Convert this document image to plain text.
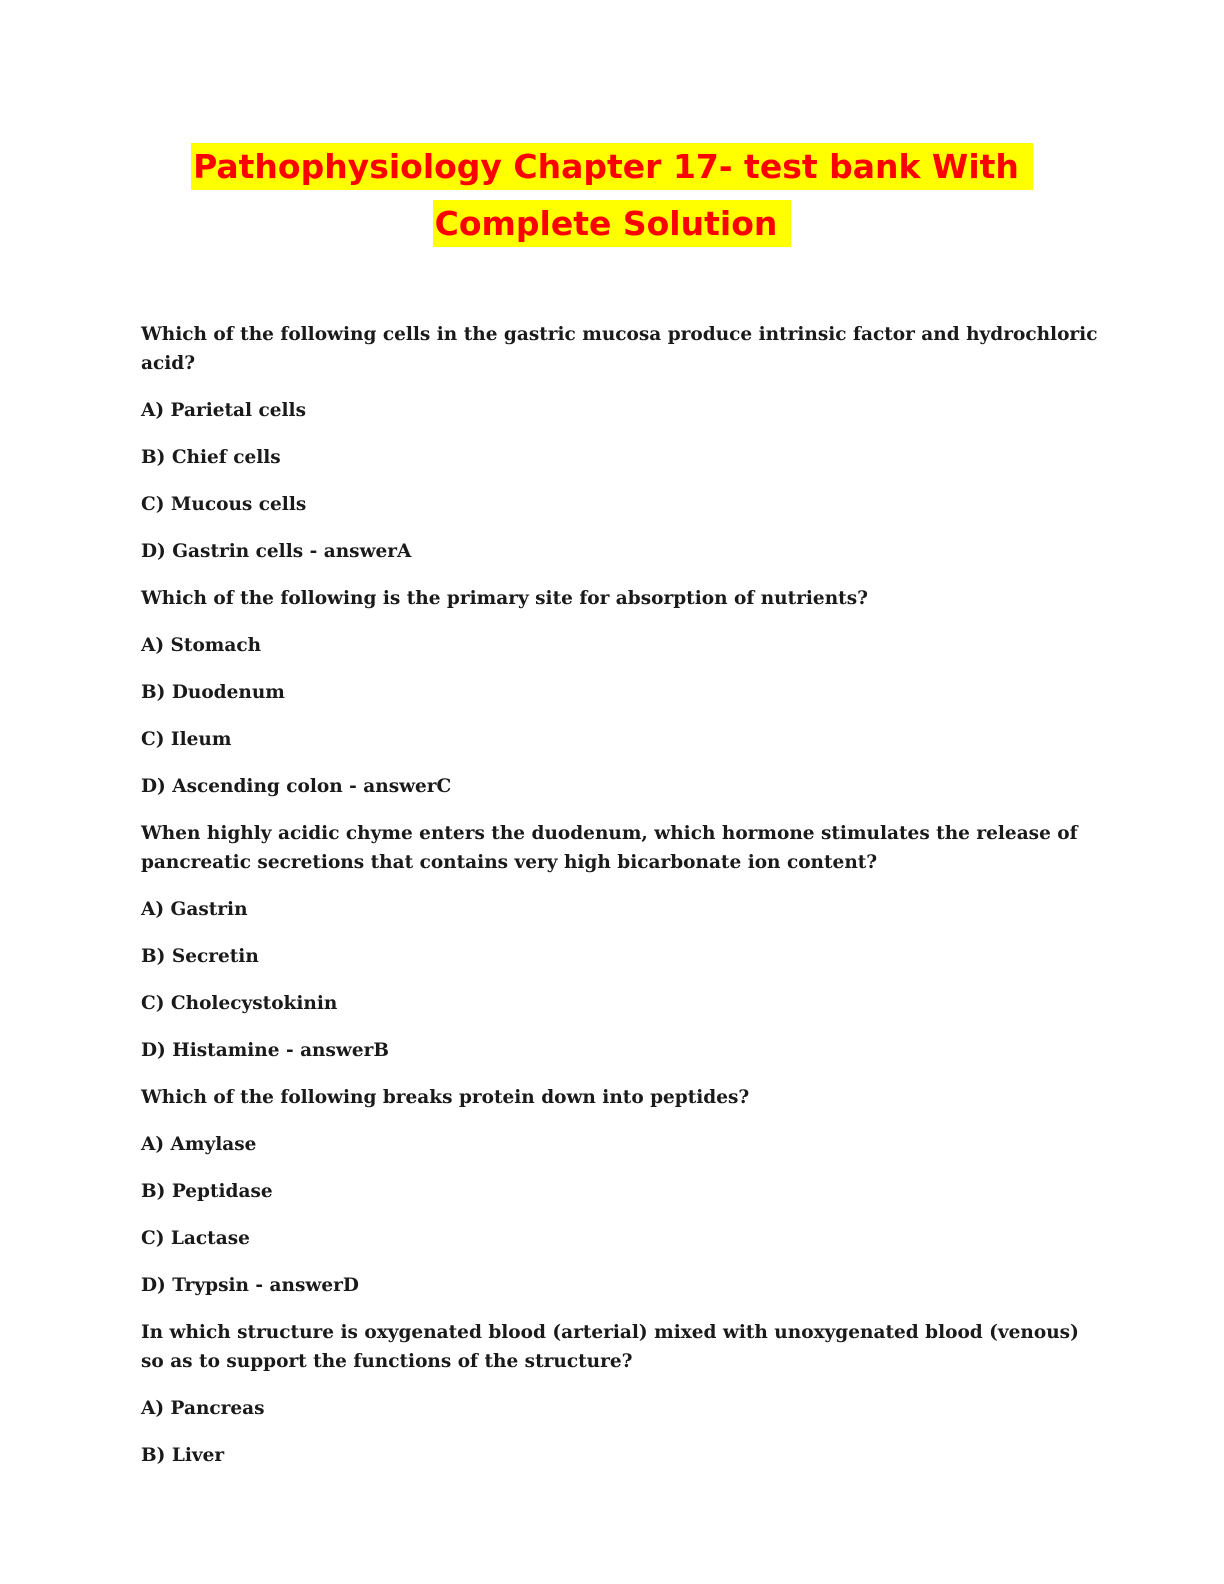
Pathophysiology Chapter 17- test bank With
Complete Solution
Which of the following cells in the gastric mucosa produce intrinsic factor and hydrochloric acid?
A) Parietal cells
B) Chief cells
C) Mucous cells
D) Gastrin cells - answerA
Which of the following is the primary site for absorption of nutrients?
A) Stomach
B) Duodenum
C) Ileum
D) Ascending colon - answerC
When highly acidic chyme enters the duodenum, which hormone stimulates the release of pancreatic secretions that contains very high bicarbonate ion content?
A) Gastrin
B) Secretin
C) Cholecystokinin
D) Histamine - answerB
Which of the following breaks protein down into peptides?
A) Amylase
B) Peptidase
C) Lactase
D) Trypsin - answerD
In which structure is oxygenated blood (arterial) mixed with unoxygenated blood (venous) so as to support the functions of the structure?
A) Pancreas
B) Liver
